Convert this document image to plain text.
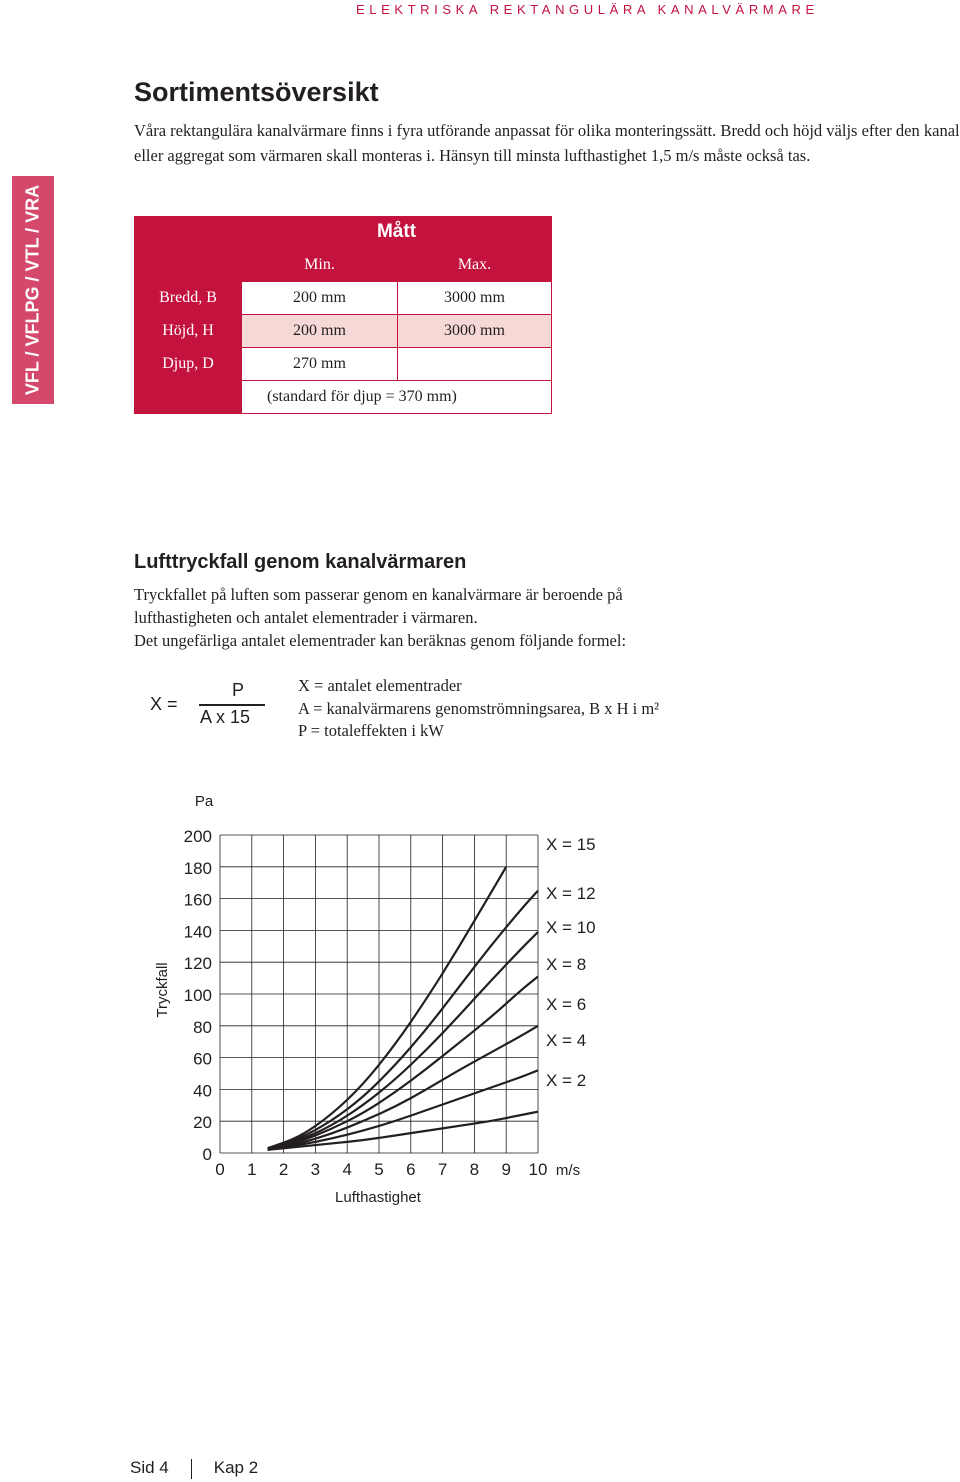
ELEKTRISKA REKTANGULÄRA KANALVÄRMARE
VFL / VFLPG / VTL / VRA
Sortimentsöversikt

Våra rektangulära kanalvärmare finns i fyra utförande anpassat för olika monteringssätt. Bredd och höjd väljs efter den kanal eller aggregat som värmaren skall monteras i. Hänsyn till minsta lufthastighet 1,5 m/s måste också tas.

	Mått	
	Min.	Max.
Bredd, B	200 mm	3000 mm
Höjd, H	200 mm	3000 mm
Djup, D	270 mm	
	(standard för djup = 370 mm)	
Lufttryckfall genom kanalvärmaren

Tryckfallet på luften som passerar genom en kanalvärmare är beroende på lufthastigheten och antalet elementrader i värmaren.

Det ungefärliga antalet elementrader kan beräknas genom följande formel:

X =
P
A x 15
X = antalet elementrader
A = kanalvärmarens genomströmningsarea, B x H i m²
P = totaleffekten i kW
0
20
40
60
80
100
120
140
160
180
200
0 1 2 3 4 5 6 7 8 9 10
Pa
m/s
Lufthastighet
Tryckfall
X = 15
X = 12
X = 10
X = 8
X = 6
X = 4
X = 2
Sid 4	Kap 2
